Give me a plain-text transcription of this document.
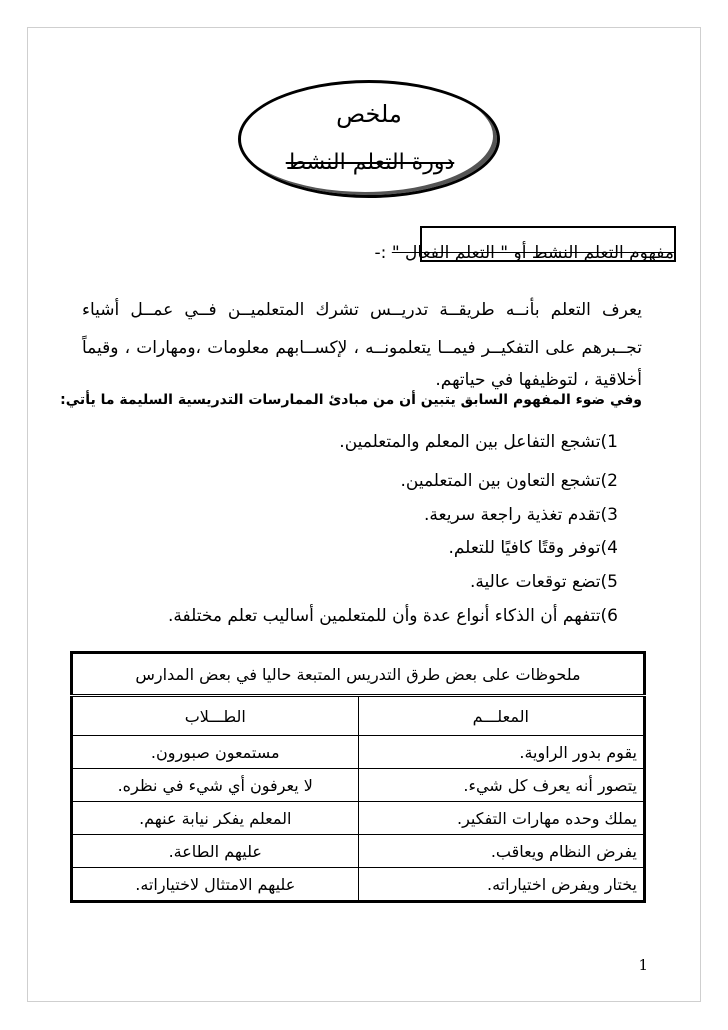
ملخص
دورة التعلم النشط
مفهوم التعلم النشط أو " التعلم الفعال " :-
يعرف التعلم بأنــه طريقــة تدريــس تشرك المتعلميــن فــي عمــل أشياء
تجــبرهم على التفكيــر فيمــا يتعلمونــه ، لإكســابهم معلومات ،ومهارات ، وقيماً
أخلاقية ، لتوظيفها في حياتهم.
وفي ضوء المفهوم السابق يتبين أن من مبادئ الممارسات التدريسية السليمة ما يأتي:
1)تشجع التفاعل بين المعلم والمتعلمين.
2)تشجع التعاون بين المتعلمين.
3)تقدم تغذية راجعة سريعة.
4)توفر وقتًا كافيًا للتعلم.
5)تضع توقعات عالية.
6)تتفهم أن الذكاء أنواع عدة وأن للمتعلمين أساليب تعلم مختلفة.
ملحوظات على بعض طرق التدريس المتبعة حاليا في بعض المدارس	
المعلـــم	الطـــلاب
يقوم بدور الراوية.	مستمعون صبورون.
يتصور أنه يعرف كل شيء.	لا يعرفون أي شيء في نظره.
يملك وحده مهارات التفكير.	المعلم يفكر نيابة عنهم.
يفرض النظام ويعاقب.	عليهم الطاعة.
يختار ويفرض اختياراته.	عليهم الامتثال لاختياراته.
1
